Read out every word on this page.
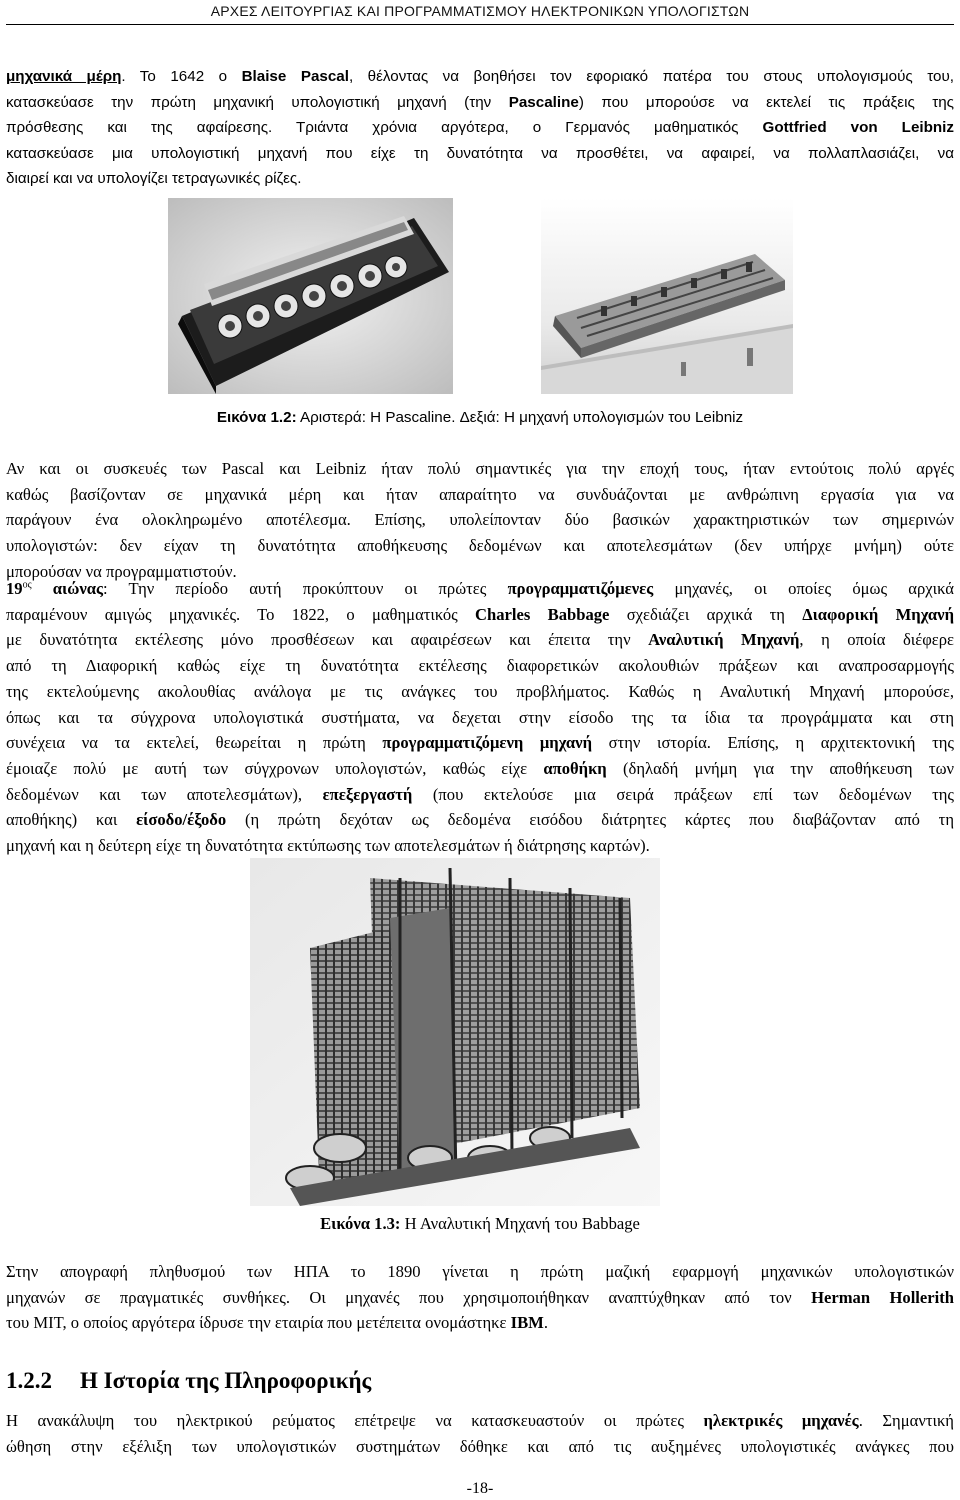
ΑΡΧΕΣ ΛΕΙΤΟΥΡΓΙΑΣ ΚΑΙ ΠΡΟΓΡΑΜΜΑΤΙΣΜΟΥ ΗΛΕΚΤΡΟΝΙΚΩΝ ΥΠΟΛΟΓΙΣΤΩΝ
μηχανικά μέρη. Το 1642 ο Blaise Pascal, θέλοντας να βοηθήσει τον εφοριακό πατέρα του στους υπολογισμούς του,
κατασκεύασε την πρώτη μηχανική υπολογιστική μηχανή (την Pascaline) που μπορούσε να εκτελεί τις πράξεις της
πρόσθεσης και της αφαίρεσης. Τριάντα χρόνια αργότερα, ο Γερμανός μαθηματικός Gottfried von Leibniz
κατασκεύασε μια υπολογιστική μηχανή που είχε τη δυνατότητα να προσθέτει, να αφαιρεί, να πολλαπλασιάζει, να
διαιρεί και να υπολογίζει τετραγωνικές ρίζες.
Εικόνα 1.2: Αριστερά: Η Pascaline. Δεξιά: Η μηχανή υπολογισμών του Leibniz
Αν και οι συσκευές των Pascal και Leibniz ήταν πολύ σημαντικές για την εποχή τους, ήταν εντούτοις πολύ αργές
καθώς βασίζονταν σε μηχανικά μέρη και ήταν απαραίτητο να συνδυάζονται με ανθρώπινη εργασία για να
παράγουν ένα ολοκληρωμένο αποτέλεσμα. Επίσης, υπολείπονταν δύο βασικών χαρακτηριστικών των σημερινών
υπολογιστών: δεν είχαν τη δυνατότητα αποθήκευσης δεδομένων και αποτελεσμάτων (δεν υπήρχε μνήμη) ούτε
μπορούσαν να προγραμματιστούν.
$19^{o\varsigma}$ αιώνας: Την περίοδο αυτή προκύπτουν οι πρώτες προγραμματιζόμενες μηχανές, οι οποίες όμως αρχικά
παραμένουν αμιγώς μηχανικές. Το 1822, ο μαθηματικός Charles Babbage σχεδιάζει αρχικά τη Διαφορική Μηχανή
με δυνατότητα εκτέλεσης μόνο προσθέσεων και αφαιρέσεων και έπειτα την Αναλυτική Μηχανή, η οποία διέφερε
από τη Διαφορική καθώς είχε τη δυνατότητα εκτέλεσης διαφορετικών ακολουθιών πράξεων και αναπροσαρμογής
της εκτελούμενης ακολουθίας ανάλογα με τις ανάγκες του προβλήματος. Καθώς η Αναλυτική Μηχανή μπορούσε,
όπως και τα σύγχρονα υπολογιστικά συστήματα, να δεχεται στην είσοδο της τα ίδια τα προγράμματα και στη
συνέχεια να τα εκτελεί, θεωρείται η πρώτη προγραμματιζόμενη μηχανή στην ιστορία. Επίσης, η αρχιτεκτονική της
έμοιαζε πολύ με αυτή των σύγχρονων υπολογιστών, καθώς είχε αποθήκη (δηλαδή μνήμη για την αποθήκευση των
δεδομένων και των αποτελεσμάτων), επεξεργαστή (που εκτελούσε μια σειρά πράξεων επί των δεδομένων της
αποθήκης) και είσοδο/έξοδο (η πρώτη δεχόταν ως δεδομένα εισόδου διάτρητες κάρτες που διαβάζονταν από τη
μηχανή και η δεύτερη είχε τη δυνατότητα εκτύπωσης των αποτελεσμάτων ή διάτρησης καρτών).
Εικόνα 1.3: Η Αναλυτική Μηχανή του Babbage
Στην απογραφή πληθυσμού των ΗΠΑ το 1890 γίνεται η πρώτη μαζική εφαρμογή μηχανικών υπολογιστικών
μηχανών σε πραγματικές συνθήκες. Οι μηχανές που χρησιμοποιήθηκαν αναπτύχθηκαν από τον Herman Hollerith
του MIT, ο οποίος αργότερα ίδρυσε την εταιρία που μετέπειτα ονομάστηκε IBM.
1.2.2 Η Ιστορία της Πληροφορικής
Η ανακάλυψη του ηλεκτρικού ρεύματος επέτρεψε να κατασκευαστούν οι πρώτες ηλεκτρικές μηχανές. Σημαντική
ώθηση στην εξέλιξη των υπολογιστικών συστημάτων δόθηκε και από τις αυξημένες υπολογιστικές ανάγκες που
-18-
